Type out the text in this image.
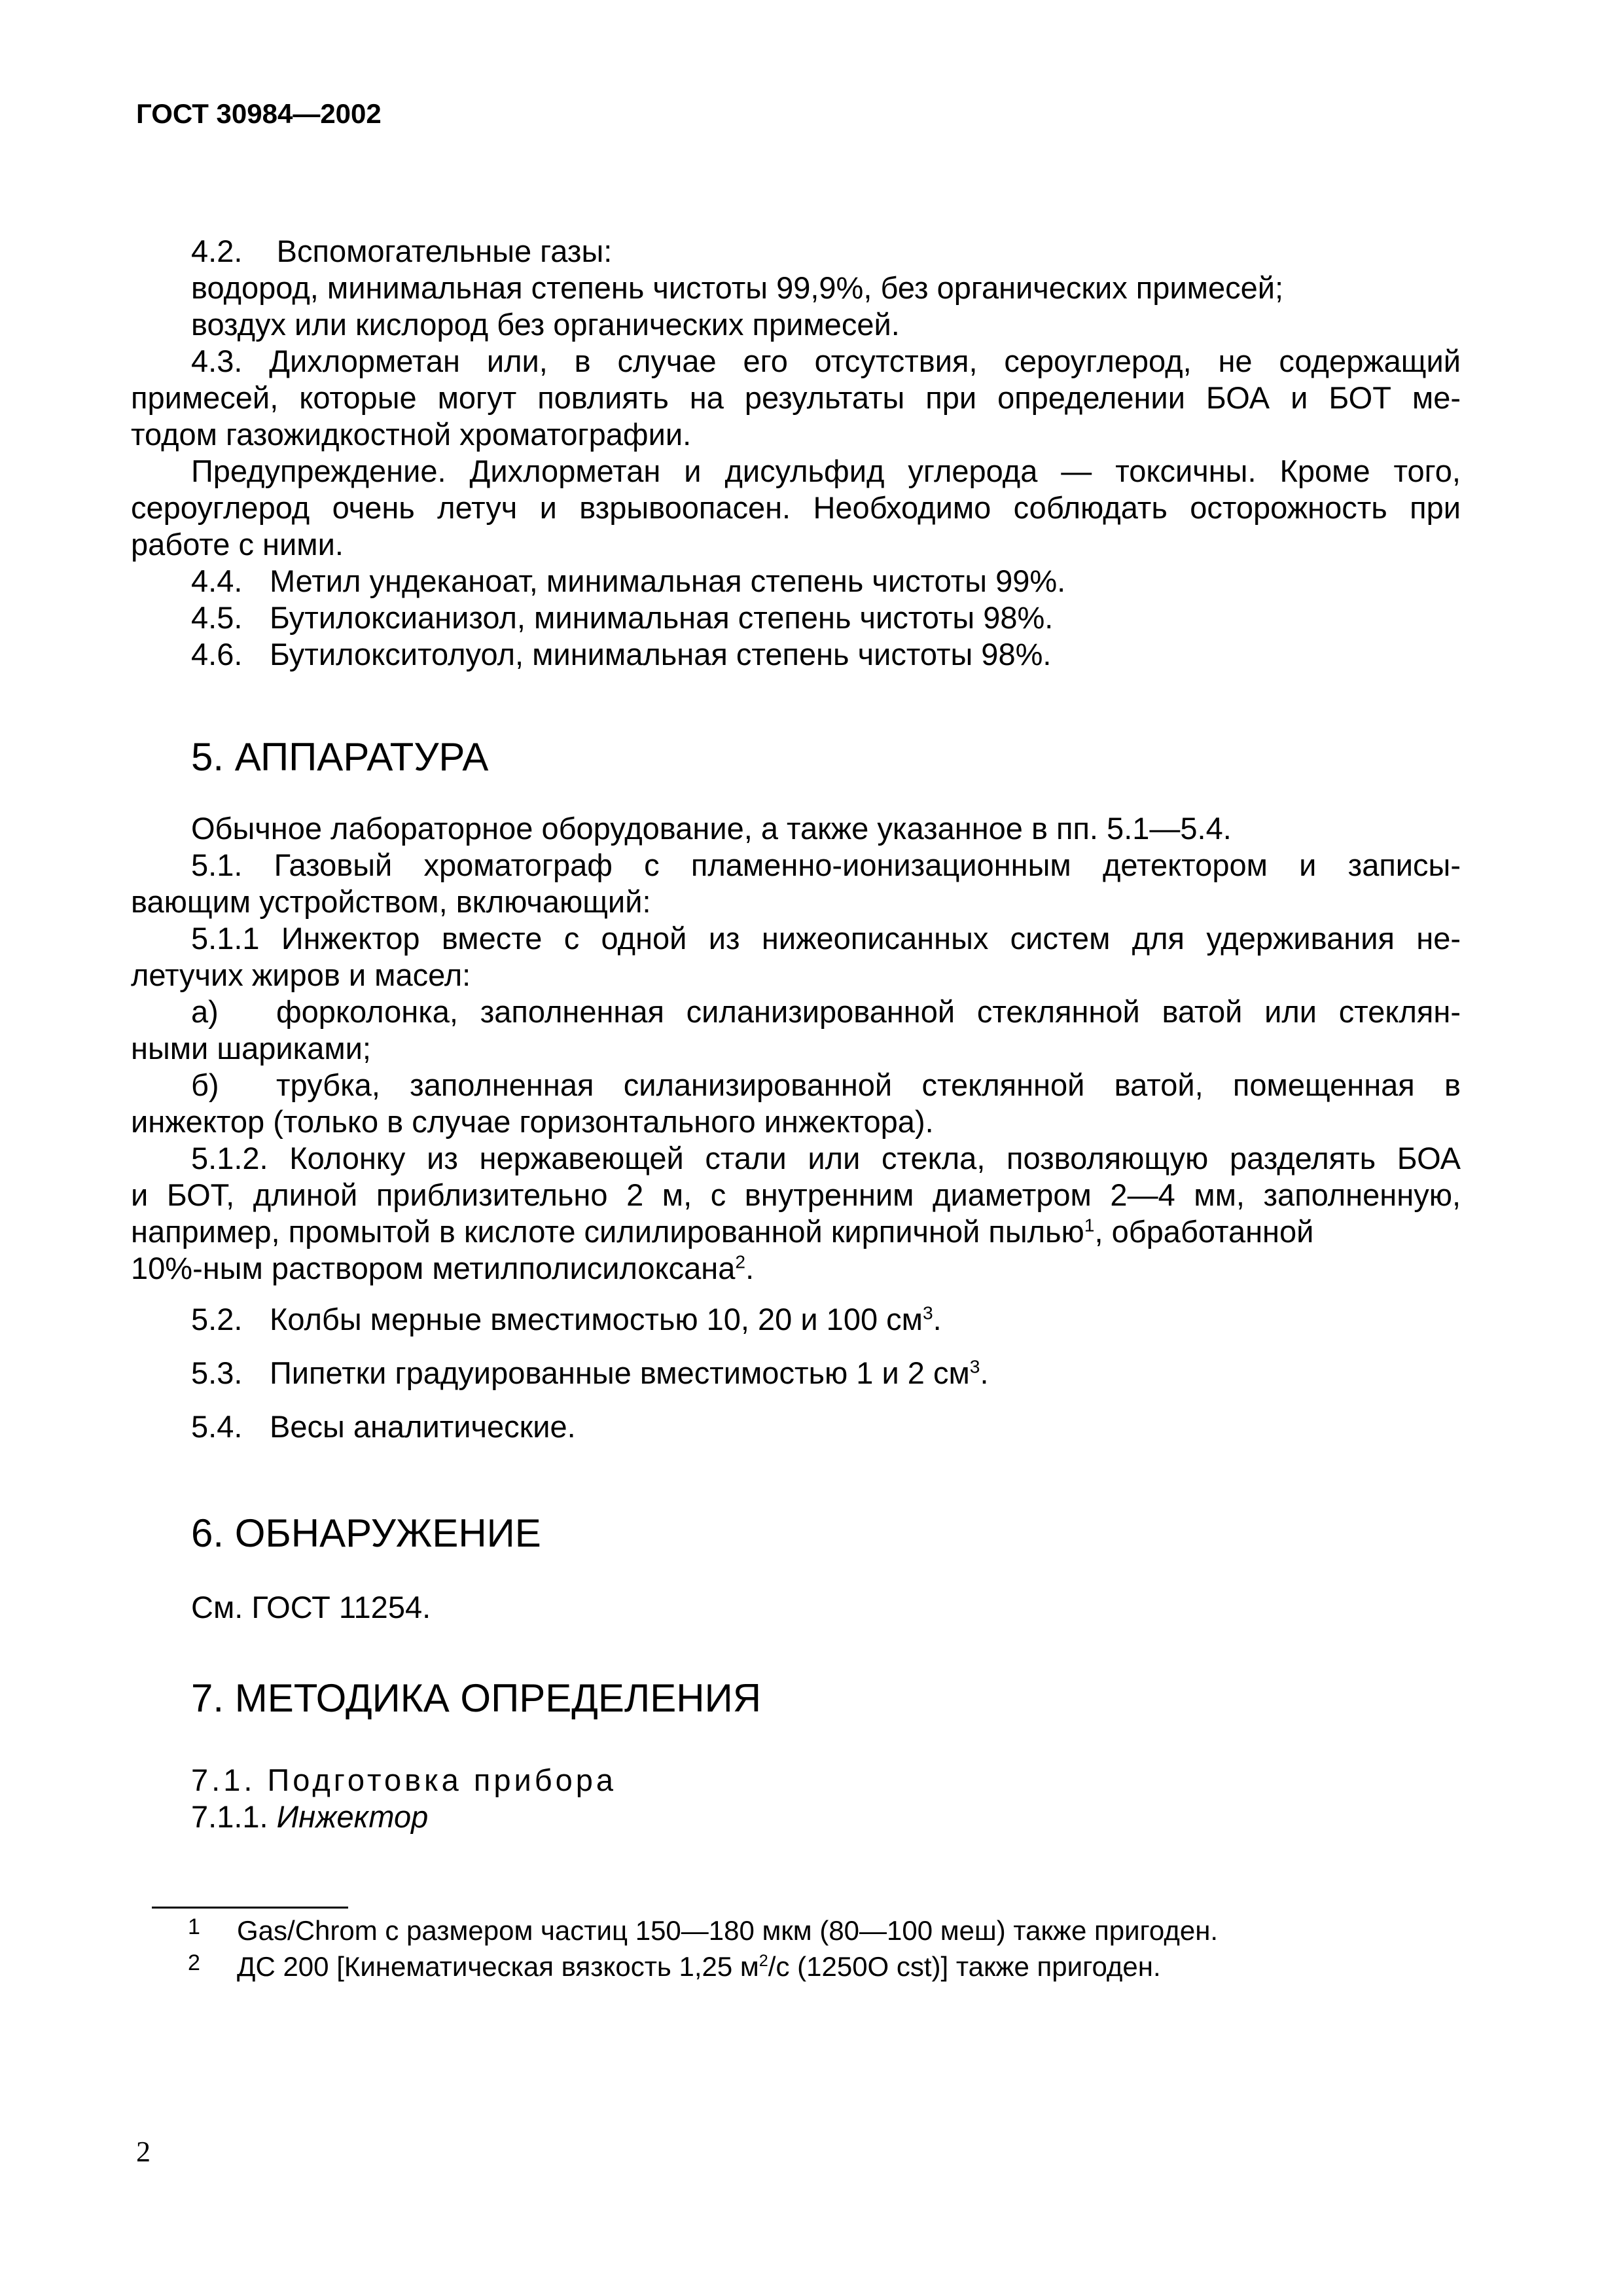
ГОСТ 30984—2002
4.2. Вспомогательные газы:
водород, минимальная степень чистоты 99,9%, без органических примесей;
воздух или кислород без органических примесей.
4.3. Дихлорметан или, в случае его отсутствия, сероуглерод, не содержащий
примесей, которые могут повлиять на результаты при определении БОА и БОТ ме-
тодом газожидкостной хроматографии.
Предупреждение. Дихлорметан и дисульфид углерода — токсичны. Кроме того,
сероуглерод очень летуч и взрывоопасен. Необходимо соблюдать осторожность при
работе с ними.
4.4. Метил ундеканоат, минимальная степень чистоты 99%.
4.5. Бутилоксианизол, минимальная степень чистоты 98%.
4.6. Бутилокситолуол, минимальная степень чистоты 98%.
5. АППАРАТУРА
Обычное лабораторное оборудование, а также указанное в пп. 5.1—5.4.
5.1. Газовый хроматограф с пламенно-ионизационным детектором и записы-
вающим устройством, включающий:
5.1.1 Инжектор вместе с одной из нижеописанных систем для удерживания не-
летучих жиров и масел:
а)	форколонка, заполненная силанизированной стеклянной ватой или стеклян-
ными шариками;
б)	трубка, заполненная силанизированной стеклянной ватой, помещенная в
инжектор (только в случае горизонтального инжектора).
5.1.2. Колонку из нержавеющей стали или стекла, позволяющую разделять БОА
и БОТ, длиной приблизительно 2 м, с внутренним диаметром 2—4 мм, заполненную,
например, промытой в кислоте силилированной кирпичной пылью$^1$, обработанной
10%-ным раствором метилполисилоксана$^2$.
5.2. Колбы мерные вместимостью 10, 20 и 100 $см^3$.
5.3. Пипетки градуированные вместимостью 1 и 2 $см^3$.
5.4. Весы аналитические.
6. ОБНАРУЖЕНИЕ
См. ГОСТ 11254.
7. МЕТОДИКА ОПРЕДЕЛЕНИЯ
7.1. Подготовка прибора
7.1.1. Инжектор
1 Gas/Chrom с размером частиц 150—180 мкм (80—100 меш) также пригоден.
2 ДС 200 [Кинематическая вязкость 1,25 $м^2/с$ (1250O cst)] также пригоден.
2
